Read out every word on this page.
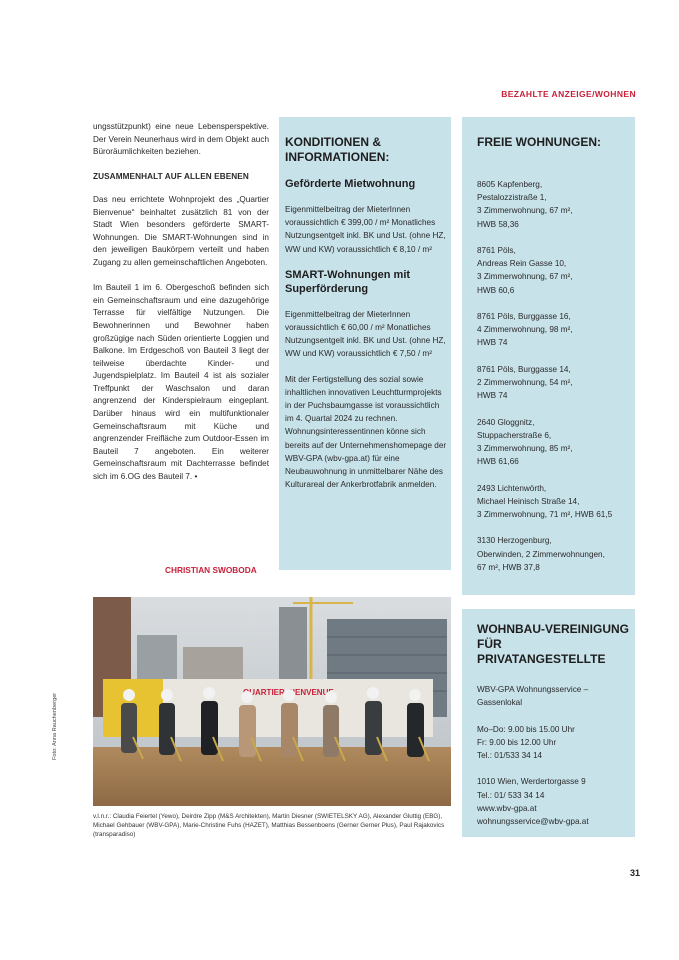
BEZAHLTE ANZEIGE/WOHNEN

ungsstützpunkt) eine neue Lebensperspektive. Der Verein Neunerhaus wird in dem Objekt auch Büroräumlichkeiten beziehen.

ZUSAMMENHALT AUF ALLEN EBENEN

Das neu errichtete Wohnprojekt des „Quartier Bienvenue“ beinhaltet zusätzlich 81 von der Stadt Wien besonders geförderte SMART-Wohnungen. Die SMART-Wohnungen sind in den jeweiligen Baukörpern verteilt und haben Zugang zu allen gemeinschaftlichen Angeboten.

Im Bauteil 1 im 6. Obergeschoß befinden sich ein Gemeinschaftsraum und eine dazugehörige Terrasse für vielfältige Nutzungen. Die Bewohnerinnen und Bewohner haben großzügige nach Süden orientierte Loggien und Balkone. Im Erdgeschoß von Bauteil 3 liegt der teilweise überdachte Kinder- und Jugendspielplatz. Im Bauteil 4 ist als sozialer Treffpunkt der Waschsalon und daran angrenzend der Kinderspielraum eingeplant. Darüber hinaus wird ein multifunktionaler Gemeinschaftsraum mit Küche und angrenzender Freifläche zum Outdoor-Essen im Bauteil 7 angeboten. Ein weiterer Gemeinschaftsraum mit Dachterrasse befindet sich im 6.OG des Bauteil 7. •

CHRISTIAN SWOBODA
KONDITIONEN & INFORMATIONEN:
Geförderte Mietwohnung

Eigenmittelbeitrag der MieterInnen voraussichtlich € 399,00 / m² Monatliches Nutzungsentgelt inkl. BK und Ust. (ohne HZ, WW und KW) voraussichtlich € 8,10 / m²

SMART-Wohnungen mit Superförderung

Eigenmittelbeitrag der MieterInnen voraussichtlich € 60,00 / m² Monatliches Nutzungsentgelt inkl. BK und Ust. (ohne HZ, WW und KW) voraussichtlich € 7,50 / m²

Mit der Fertigstellung des sozial sowie inhaltlichen innovativen Leuchtturmprojekts in der Puchsbaumgasse ist voraussichtlich im 4. Quartal 2024 zu rechnen. Wohnungsinteressentinnen könne sich bereits auf der Unternehmenshomepage der WBV-GPA (wbv-gpa.at) für eine Neubauwohnung in unmittelbarer Nähe des Kulturareal der Ankerbrotfabrik anmelden.

FREIE WOHNUNGEN:
8605 Kapfenberg,
Pestalozzistraße 1,
3 Zimmerwohnung, 67 m²,
HWB 58,36
8761 Pöls,
Andreas Rein Gasse 10,
3 Zimmerwohnung, 67 m²,
HWB 60,6
8761 Pöls, Burggasse 16,
4 Zimmerwohnung, 98 m²,
HWB 74
8761 Pöls, Burggasse 14,
2 Zimmerwohnung, 54 m²,
HWB 74
2640 Gloggnitz,
Stuppacherstraße 6,
3 Zimmerwohnung, 85 m²,
HWB 61,66
2493 Lichtenwörth,
Michael Heinisch Straße 14,
3 Zimmerwohnung, 71 m², HWB 61,5
3130 Herzogenburg,
Oberwinden, 2 Zimmerwohnungen,
67 m², HWB 37,8
WOHNBAU-VEREINIGUNG FÜR PRIVATANGESTELLTE

WBV-GPA Wohnungsservice –
Gassenlokal

Mo–Do: 9.00 bis 15.00 Uhr
Fr: 9.00 bis 12.00 Uhr
Tel.: 01/533 34 14

1010 Wien, Werdertorgasse 9
Tel.: 01/ 533 34 14
www.wbv-gpa.at
wohnungsservice@wbv-gpa.at

QUARTIER BIENVENUE
v.l.n.r.: Claudia Feiertel (Yewo), Deirdre Zipp (M&S Architekten), Martin Diesner (SWIETELSKY AG), Alexander Gluttig (EBG), Michael Gehbauer (WBV-GPA), Marie-Christine Fuhs (HAZET), Matthias Bessenboens (Gerner Gerner Plus), Paul Rajakovics (transparadiso)
Foto: Anna Rauchenberger
31
